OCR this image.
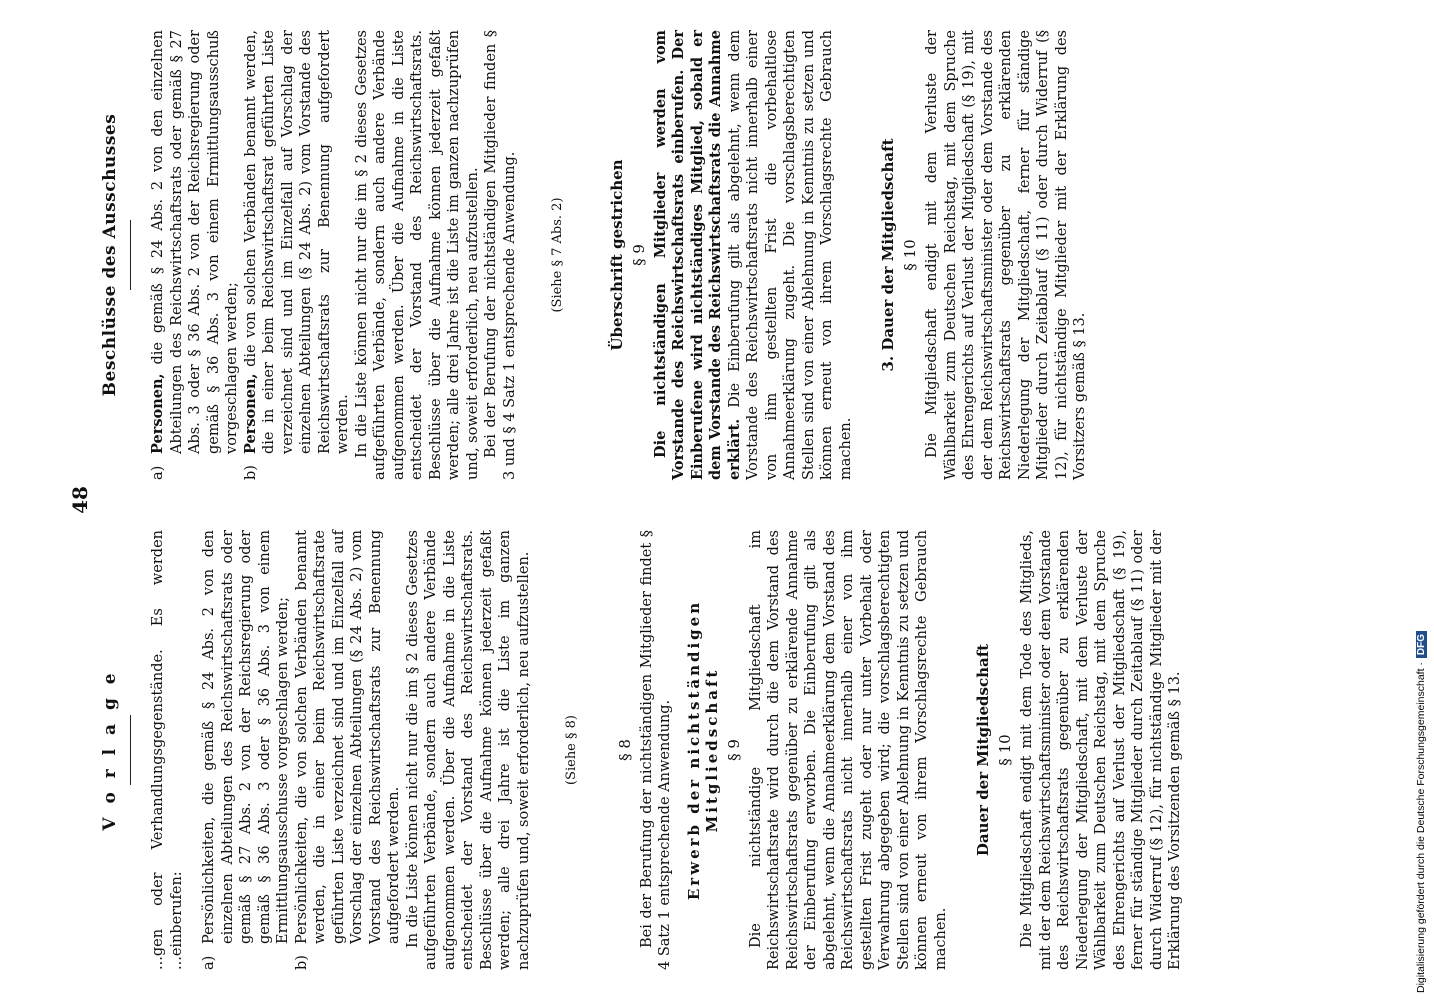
48
V o r l a g e ...gen oder Verhandlungsgegenstände. Es werden ...einberufen: a)
Persönlichkeiten, die gemäß § 24 Abs. 2 von den einzelnen Abteilungen des Reichswirtschaftsrats oder gemäß § 27 Abs. 2 von der Reichsregierung oder gemäß § 36 Abs. 3 oder § 36 Abs. 3 von einem Ermittlungsausschusse vorgeschlagen werden;
b)
Persönlichkeiten, die von solchen Verbänden benannt werden, die in einer beim Reichswirtschaftsrate geführten Liste verzeichnet sind und im Einzelfall auf Vorschlag der einzelnen Abteilungen (§ 24 Abs. 2) vom Vorstand des Reichswirtschaftsrats zur Benennung aufgefordert werden. In die Liste können nicht nur die im § 2 dieses Gesetzes aufgeführten Verbände, sondern auch andere Verbände aufgenommen werden. Über die Aufnahme in die Liste entscheidet der Vorstand des Reichswirtschaftsrats. Beschlüsse über die Aufnahme können jederzeit gefaßt werden; alle drei Jahre ist die Liste im ganzen nachzuprüfen und, soweit erforderlich, neu aufzustellen.	(Siehe § 8) § 8 Bei der Berufung der nichtständigen Mitglieder findet § 4 Satz 1 entsprechende Anwendung. Erwerb der nichtständigen Mitgliedschaft § 9 Die nichtständige Mitgliedschaft im Reichswirtschaftsrate wird durch die dem Vorstand des Reichswirtschaftsrats gegenüber zu erklärende Annahme der Einberufung erworben. Die Einberufung gilt als abgelehnt, wenn die Annahmeerklärung dem Vorstand des Reichswirtschaftsrats nicht innerhalb einer von ihm gestellten Frist zugeht oder nur unter Vorbehalt oder Verwahrung abgegeben wird; die vorschlagsberechtigten Stellen sind von einer Ablehnung in Kenntnis zu setzen und können erneut von ihrem Vorschlagsrechte Gebrauch machen.

Dauer der Mitgliedschaft § 10 Die Mitgliedschaft endigt mit dem Tode des Mitglieds, mit der dem Reichswirtschaftsminister oder dem Vorstande des Reichswirtschaftsrats gegenüber zu erklärenden Niederlegung der Mitgliedschaft, mit dem Verluste der Wählbarkeit zum Deutschen Reichstag, mit dem Spruche des Ehrengerichts auf Verlust der Mitgliedschaft (§ 19), ferner für ständige Mitglieder durch Zeitablauf (§ 11) oder durch Widerruf (§ 12), für nichtständige Mitglieder mit der Erklärung des Vorsitzenden gemäß § 13.

Beschlüsse des Ausschusses
a)
Personen, die gemäß § 24 Abs. 2 von den einzelnen Abteilungen des Reichswirtschaftsrats oder gemäß § 27 Abs. 3 oder § 36 Abs. 2 von der Reichsregierung oder gemäß § 36 Abs. 3 von einem Ermittlungsausschuß vorgeschlagen werden;
b)
Personen, die von solchen Verbänden benannt werden, die in einer beim Reichswirtschaftsrat geführten Liste verzeichnet sind und im Einzelfall auf Vorschlag der einzelnen Abteilungen (§ 24 Abs. 2) vom Vorstande des Reichswirtschaftsrats zur Benennung aufgefordert werden. In die Liste können nicht nur die im § 2 dieses Gesetzes aufgeführten Verbände, sondern auch andere Verbände aufgenommen werden. Über die Aufnahme in die Liste entscheidet der Vorstand des Reichswirtschaftsrats. Beschlüsse über die Aufnahme können jederzeit gefaßt werden; alle drei Jahre ist die Liste im ganzen nachzuprüfen und, soweit erforderlich, neu aufzustellen. Bei der Berufung der nichtständigen Mitglieder finden § 3 und § 4 Satz 1 entsprechende Anwendung.	(Siehe § 7 Abs. 2)	Überschrift gestrichen § 9 Die nichtständigen Mitglieder werden vom Vorstande des Reichswirtschaftsrats einberufen. Der Einberufene wird nichtständiges Mitglied, sobald er dem Vorstande des Reichswirtschaftsrats die Annahme erklärt. Die Einberufung gilt als abgelehnt, wenn dem Vorstande des Reichswirtschaftsrats nicht innerhalb einer von ihm gestellten Frist die vorbehaltlose Annahmeerklärung zugeht. Die vorschlagsberechtigten Stellen sind von einer Ablehnung in Kenntnis zu setzen und können erneut von ihrem Vorschlagsrechte Gebrauch machen.

3. Dauer der Mitgliedschaft § 10 Die Mitgliedschaft endigt mit dem Verluste der Wählbarkeit zum Deutschen Reichstag, mit dem Spruche des Ehrengerichts auf Verlust der Mitgliedschaft (§ 19), mit der dem Reichswirtschaftsminister oder dem Vorstande des Reichswirtschaftsrats gegenüber zu erklärenden Niederlegung der Mitgliedschaft, ferner für ständige Mitglieder durch Zeitablauf (§ 11) oder durch Widerruf (§ 12), für nichtständige Mitglieder mit der Erklärung des Vorsitzers gemäß § 13.

Digitalisierung gefördert durch die Deutsche Forschungsgemeinschaft ·
DFG
